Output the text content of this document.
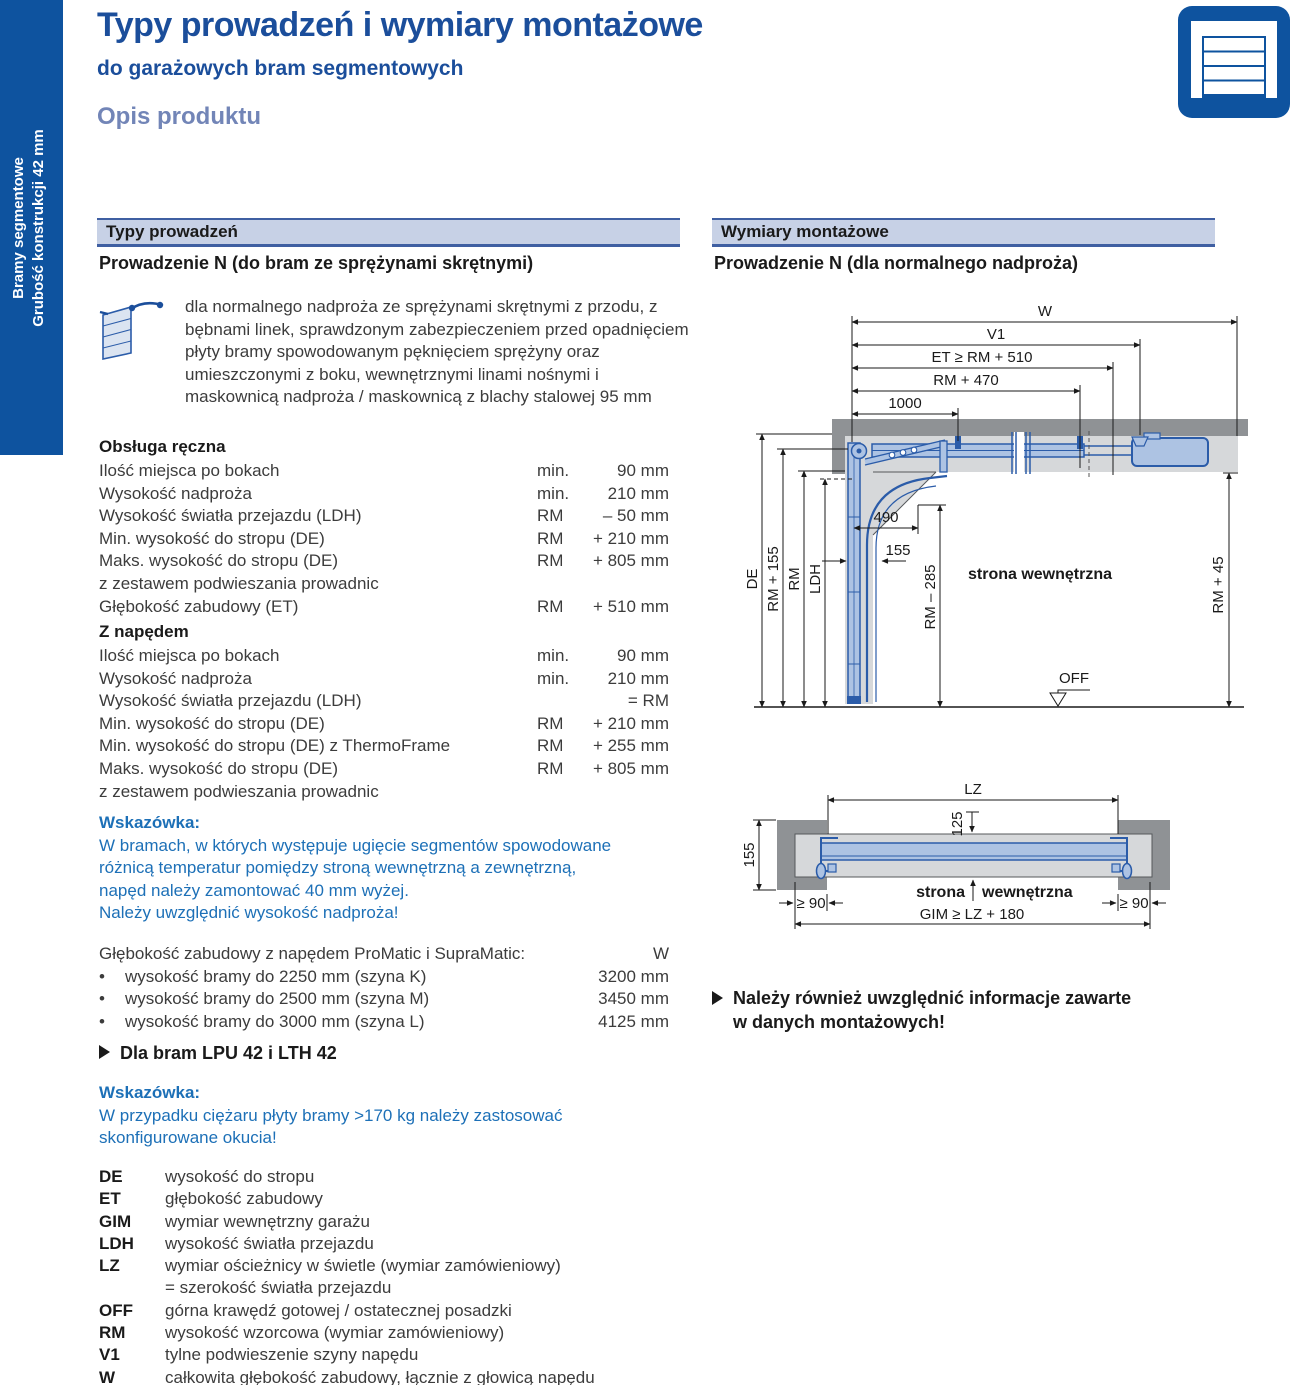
Bramy segmentowe Grubość konstrukcji 42 mm
Typy prowadzeń i wymiary montażowe
do garażowych bram segmentowych
Opis produktu
Typy prowadzeń
Prowadzenie N (do bram ze sprężynami skrętnymi)
dla normalnego nadproża ze sprężynami skrętnymi z przodu, z bębnami linek, sprawdzonym zabezpieczeniem przed opadnięciem płyty bramy spowodowanym pęknięciem sprężyny oraz umieszczonymi z boku, wewnętrznymi linami nośnymi i maskownicą nadproża / maskownicą z blachy stalowej 95 mm
Obsługa ręczna
Ilość miejsca po bokach	min.	90 mm
Wysokość nadproża	min.	210 mm
Wysokość światła przejazdu (LDH)	RM	– 50 mm
Min. wysokość do stropu (DE)	RM	+ 210 mm
Maks. wysokość do stropu (DE)	RM	+ 805 mm
z zestawem podwieszania prowadnic
Głębokość zabudowy (ET)	RM	+ 510 mm
Z napędem
Ilość miejsca po bokach	min.	90 mm
Wysokość nadproża	min.	210 mm
Wysokość światła przejazdu (LDH)	= RM
Min. wysokość do stropu (DE)	RM	+ 210 mm
Min. wysokość do stropu (DE) z ThermoFrame	RM	+ 255 mm
Maks. wysokość do stropu (DE)	RM	+ 805 mm
z zestawem podwieszania prowadnic
Wskazówka:
W bramach, w których występuje ugięcie segmentów spowodowane
różnicą temperatur pomiędzy stroną wewnętrzną a zewnętrzną,
napęd należy zamontować 40 mm wyżej.
Należy uwzględnić wysokość nadproża!
Głębokość zabudowy z napędem ProMatic i SupraMatic:	W
•	wysokość bramy do 2250 mm (szyna K)	3200 mm
•	wysokość bramy do 2500 mm (szyna M)	3450 mm
•	wysokość bramy do 3000 mm (szyna L)	4125 mm
Dla bram LPU 42 i LTH 42
Wskazówka:
W przypadku ciężaru płyty bramy >170 kg należy zastosować
skonfigurowane okucia!
DE	wysokość do stropu
ET	głębokość zabudowy
GIM	wymiar wewnętrzny garażu
LDH	wysokość światła przejazdu
LZ	wymiar ościeżnicy w świetle (wymiar zamówieniowy)
= szerokość światła przejazdu
OFF	górna krawędź gotowej / ostatecznej posadzki
RM	wysokość wzorcowa (wymiar zamówieniowy)
V1	tylne podwieszenie szyny napędu
W	całkowita głębokość zabudowy, łącznie z głowicą napędu
Wymiary montażowe
Prowadzenie N (dla normalnego nadproża)
W
V1
ET ≥ RM + 510
RM + 470
1000
DE RM + 155 RM LDH	RM – 285
490
155
RM + 45
OFF
strona wewnętrzna
LZ
125
155
≥ 90	≥ 90
GIM ≥ LZ + 180
strona wewnętrzna
Należy również uwzględnić informacje zawarte
w danych montażowych!
